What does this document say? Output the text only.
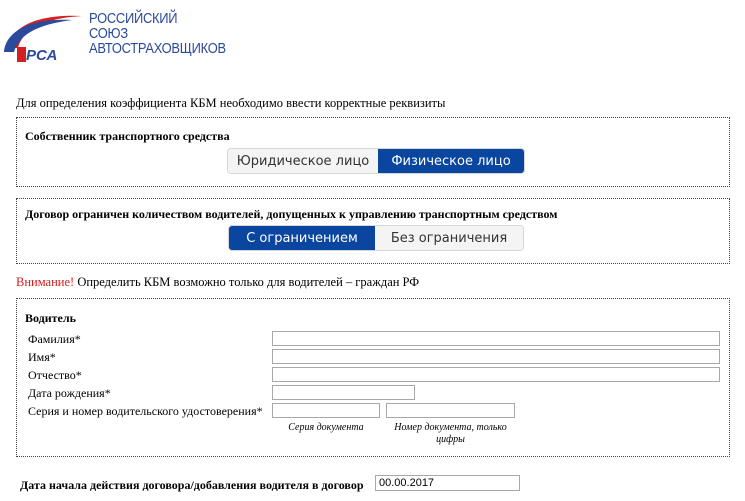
РСА
РОССИЙСКИЙ
СОЮЗ
АВТОСТРАХОВЩИКОВ
Для определения коэффициента КБМ необходимо ввести корректные реквизиты
Собственник транспортного средства
Юридическое лицо	Физическое лицо
Договор ограничен количеством водителей, допущенных к управлению транспортным средством
С ограничением	Без ограничения
Внимание! Определить КБМ возможно только для водителей – граждан РФ
Водитель
Фамилия*
Имя*
Отчество*
Дата рождения*
Серия и номер водительского удостоверения*
Серия документа	Номер документа, только цифры
Дата начала действия договора/добавления водителя в договор
00.00.2017
